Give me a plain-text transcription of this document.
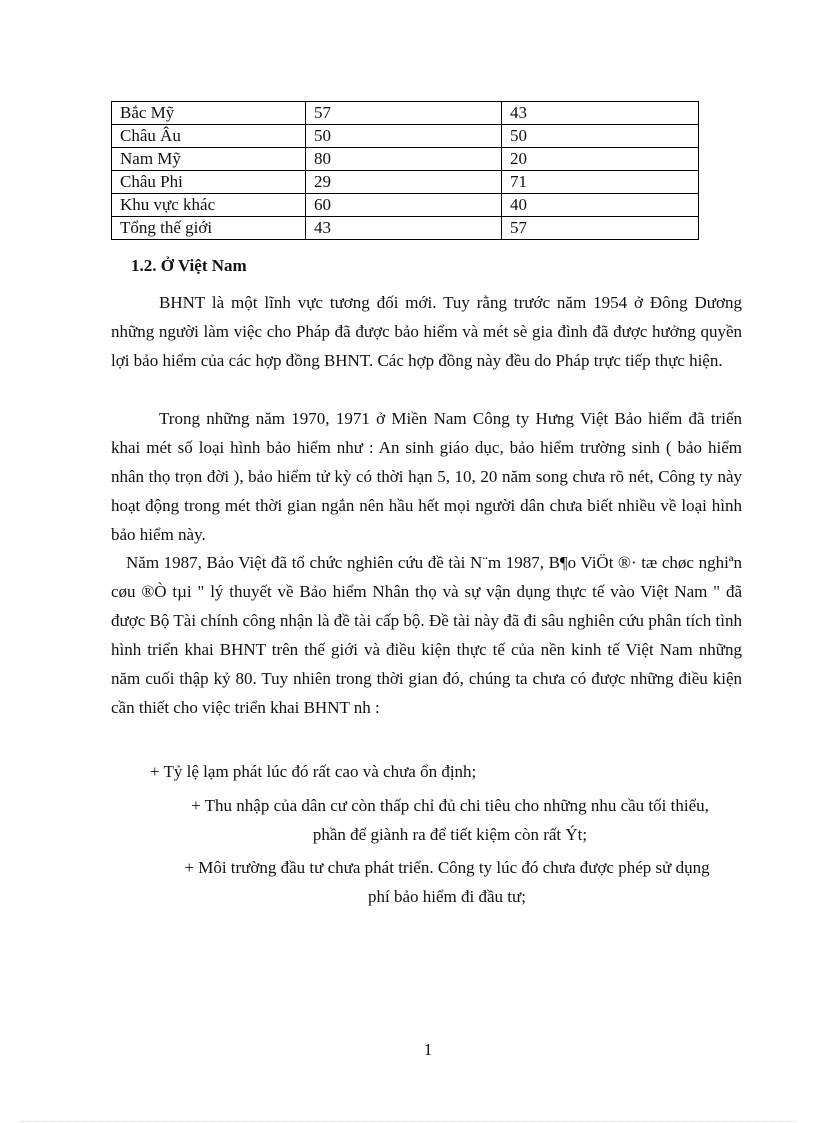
Bắc Mỹ	57	43
Châu Âu	50	50
Nam Mỹ	80	20
Châu Phi	29	71
Khu vực khác	60	40
Tổng thế giới	43	57
1.2. Ở Việt Nam

BHNT là một lĩnh vực tương đối mới. Tuy rằng trước năm 1954 ở Đông Dương những người làm việc cho Pháp đã được bảo hiểm và mét sè gia đình đã được hưởng quyền lợi bảo hiểm của các hợp đồng BHNT. Các hợp đồng này đều do Pháp trực tiếp thực hiện.

Trong những năm 1970, 1971 ở Miền Nam Công ty Hưng Việt Bảo hiểm đã triển khai mét số loại hình bảo hiểm như : An sinh giáo dục, bảo hiểm trường sinh ( bảo hiểm nhân thọ trọn đời ), bảo hiểm tử kỳ có thời hạn 5, 10, 20 năm song chưa rõ nét, Công ty này hoạt động trong mét thời gian ngắn nên hầu hết mọi người dân chưa biết nhiều về loại hình bảo hiểm này.

Năm 1987, Bảo Việt đã tổ chức nghiên cứu đề tài N¨m 1987, B¶o ViÖt ®· tæ chøc nghiªn cøu ®Ò tµi " lý thuyết về Bảo hiểm Nhân thọ và sự vận dụng thực tế vào Việt Nam " đã được Bộ Tài chính công nhận là đề tài cấp bộ. Đề tài này đã đi sâu nghiên cứu phân tích tình hình triển khai BHNT trên thế giới và điều kiện thực tế của nền kinh tế Việt Nam những năm cuối thập kỷ 80. Tuy nhiên trong thời gian đó, chúng ta chưa có được những điều kiện cần thiết cho việc triển khai BHNT nh :

+ Tỷ lệ lạm phát lúc đó rất cao và chưa ổn định;

+ Thu nhập của dân cư còn thấp chỉ đủ chi tiêu cho những nhu cầu tối thiểu,
phần để giành ra để tiết kiệm còn rất Ýt;

+ Môi trường đầu tư chưa phát triển. Công ty lúc đó chưa được phép sử dụng
phí bảo hiểm đi đầu tư;

1
